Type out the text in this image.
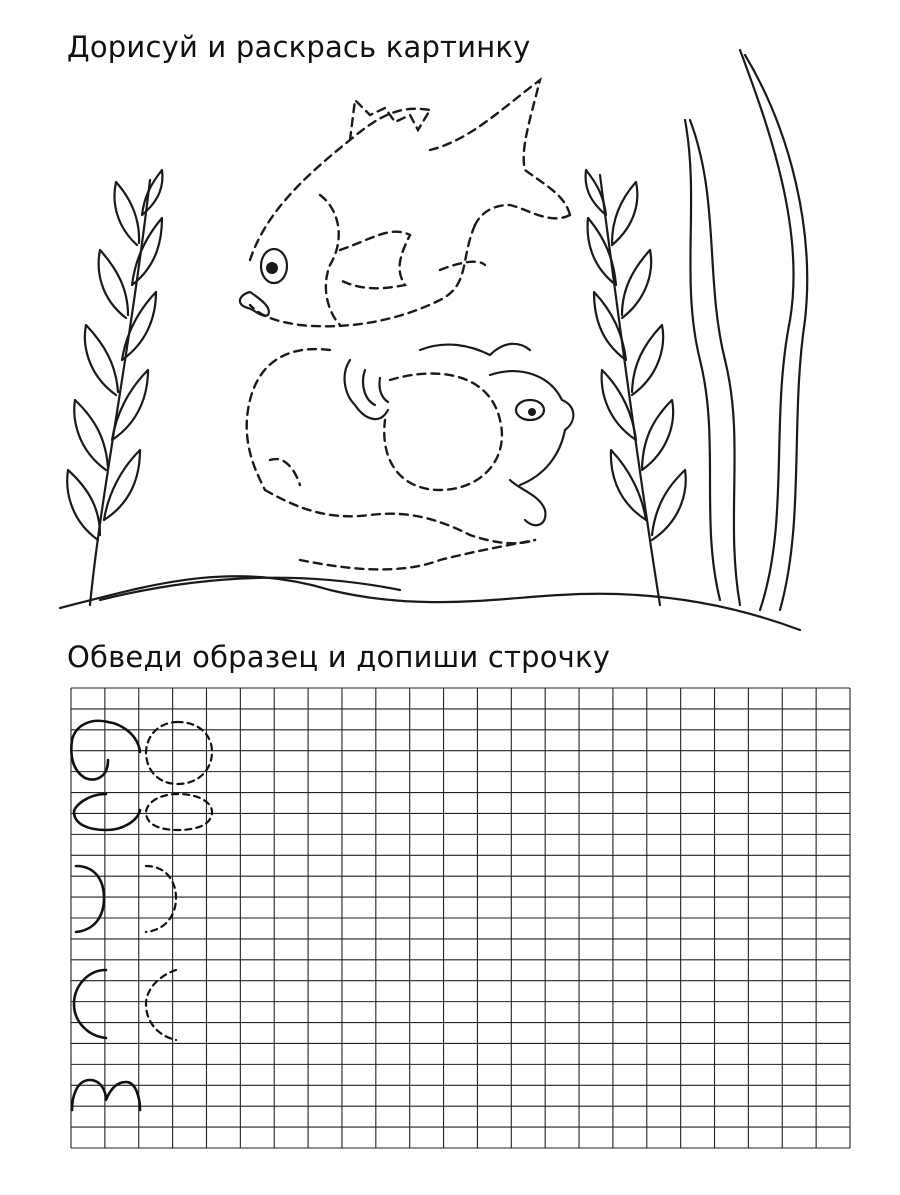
Дорисуй и раскрась картинку
Обведи образец и допиши строчку
